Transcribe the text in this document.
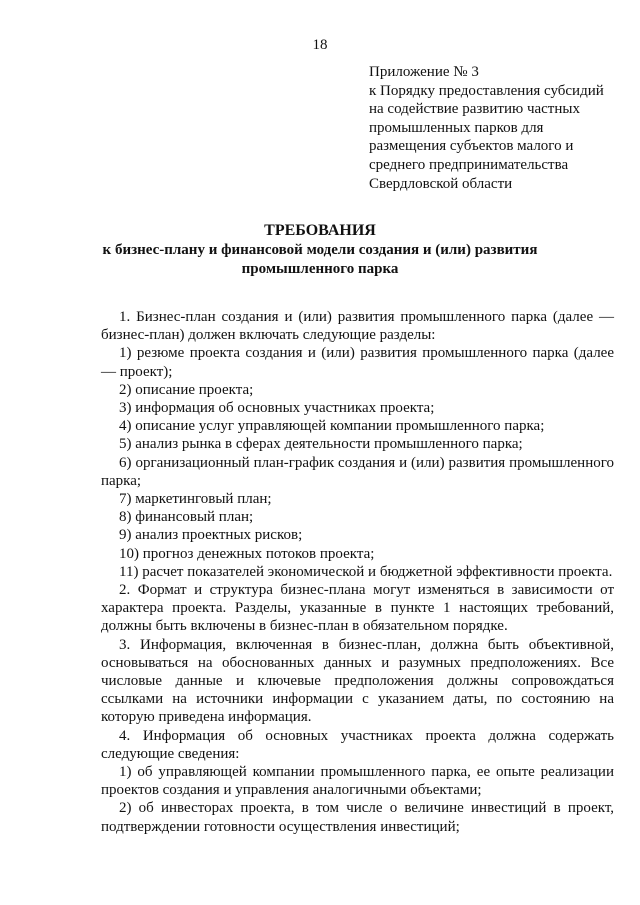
18
Приложение № 3
к Порядку предоставления субсидий
на содействие развитию частных
промышленных парков для
размещения субъектов малого и
среднего предпринимательства
Свердловской области
ТРЕБОВАНИЯ
к бизнес-плану и финансовой модели создания и (или) развития
промышленного парка

1. Бизнес-план создания и (или) развития промышленного парка (далее — бизнес-план) должен включать следующие разделы:

1) резюме проекта создания и (или) развития промышленного парка (далее — проект);

2) описание проекта;

3) информация об основных участниках проекта;

4) описание услуг управляющей компании промышленного парка;

5) анализ рынка в сферах деятельности промышленного парка;

6) организационный план-график создания и (или) развития промышленного парка;

7) маркетинговый план;

8) финансовый план;

9) анализ проектных рисков;

10) прогноз денежных потоков проекта;

11) расчет показателей экономической и бюджетной эффективности проекта.

2. Формат и структура бизнес-плана могут изменяться в зависимости от характера проекта. Разделы, указанные в пункте 1 настоящих требований, должны быть включены в бизнес-план в обязательном порядке.

3. Информация, включенная в бизнес-план, должна быть объективной, основываться на обоснованных данных и разумных предположениях. Все числовые данные и ключевые предположения должны сопровождаться ссылками на источники информации с указанием даты, по состоянию на которую приведена информация.

4. Информация об основных участниках проекта должна содержать следующие сведения:

1) об управляющей компании промышленного парка, ее опыте реализации проектов создания и управления аналогичными объектами;

2) об инвесторах проекта, в том числе о величине инвестиций в проект, подтверждении готовности осуществления инвестиций;
